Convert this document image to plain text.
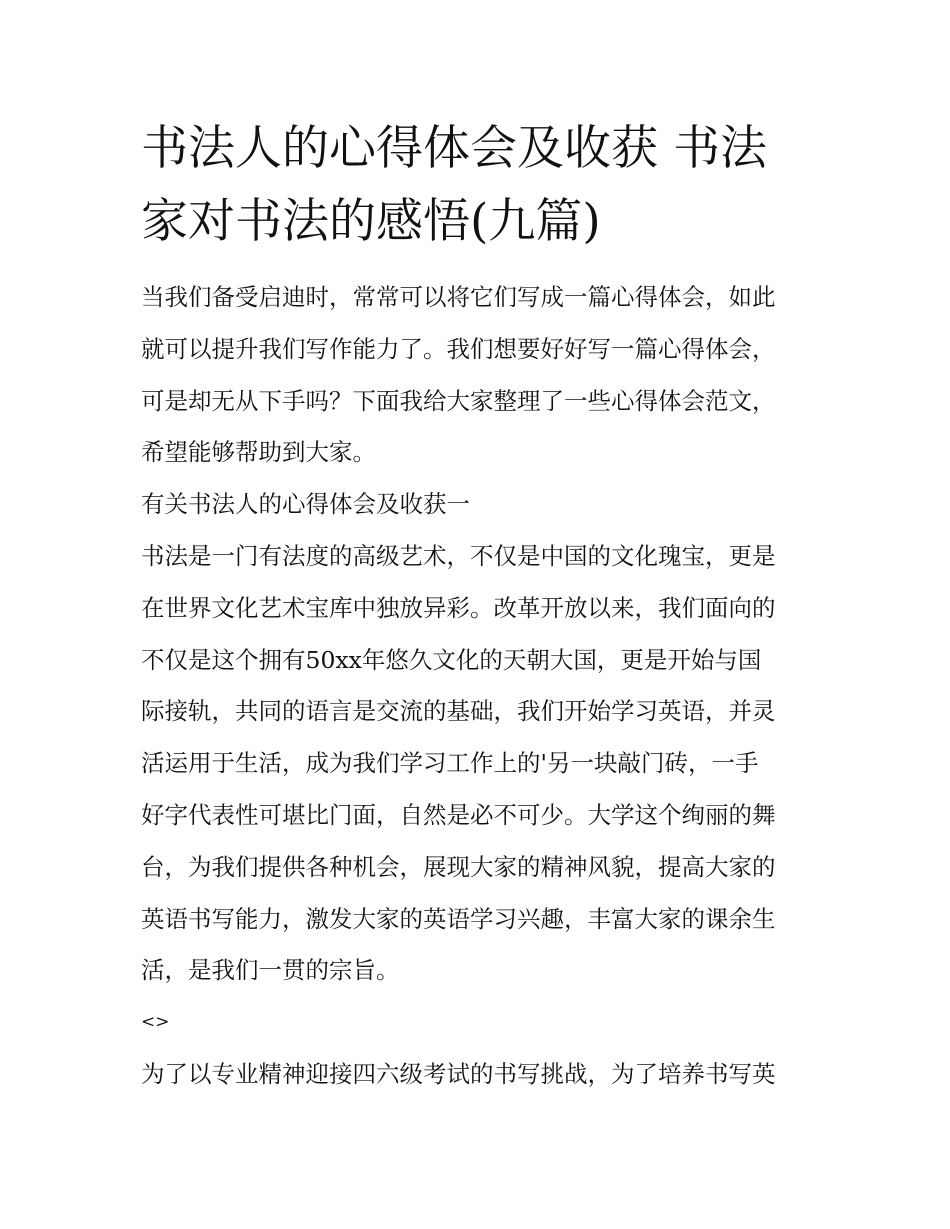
书法人的心得体会及收获 书法
家对书法的感悟(九篇)
当我们备受启迪时，常常可以将它们写成一篇心得体会，如此
就可以提升我们写作能力了。我们想要好好写一篇心得体会，
可是却无从下手吗？下面我给大家整理了一些心得体会范文，
希望能够帮助到大家。
有关书法人的心得体会及收获一
书法是一门有法度的高级艺术，不仅是中国的文化瑰宝，更是
在世界文化艺术宝库中独放异彩。改革开放以来，我们面向的
不仅是这个拥有50xx年悠久文化的天朝大国，更是开始与国
际接轨，共同的语言是交流的基础，我们开始学习英语，并灵
活运用于生活，成为我们学习工作上的'另一块敲门砖，一手
好字代表性可堪比门面，自然是必不可少。大学这个绚丽的舞
台，为我们提供各种机会，展现大家的精神风貌，提高大家的
英语书写能力，激发大家的英语学习兴趣，丰富大家的课余生
活，是我们一贯的宗旨。
<>
为了以专业精神迎接四六级考试的书写挑战，为了培养书写英
